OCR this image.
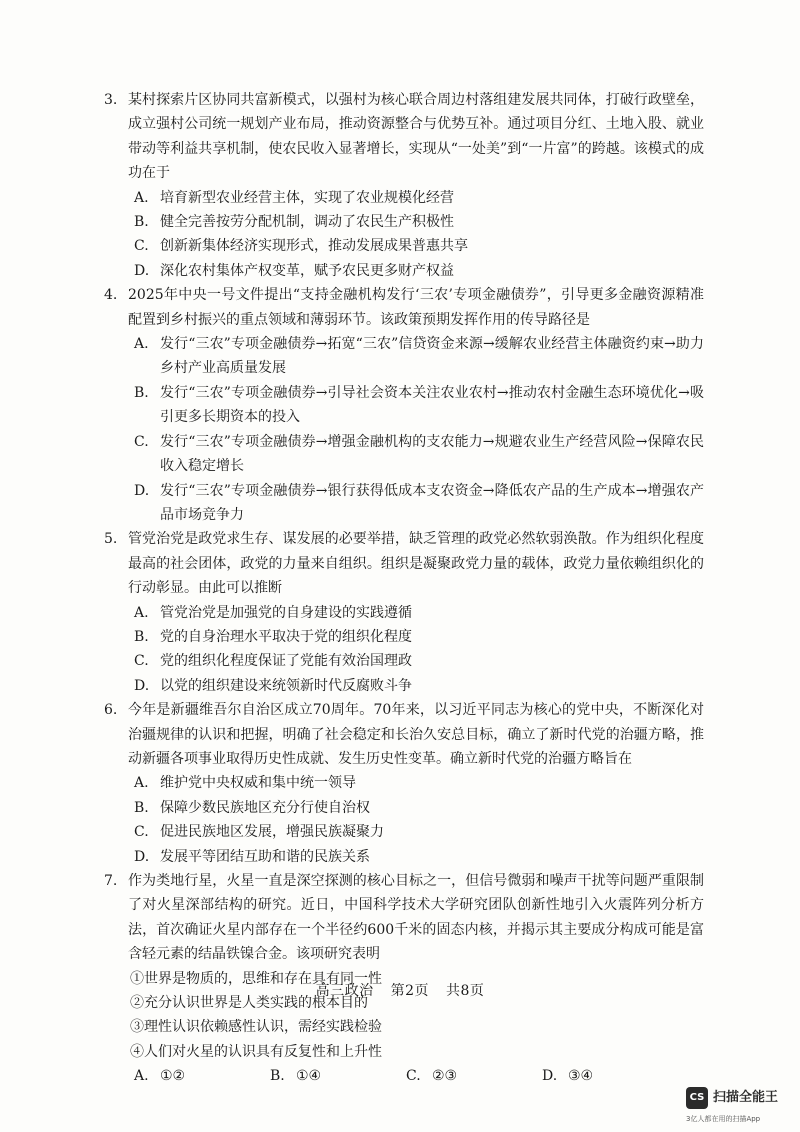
3. 某村探索片区协同共富新模式，以强村为核心联合周边村落组建发展共同体，打破行政壁垒，成立强村公司统一规划产业布局，推动资源整合与优势互补。通过项目分红、土地入股、就业带动等利益共享机制，使农民收入显著增长，实现从“一处美”到“一片富”的跨越。该模式的成功在于

A. 培育新型农业经营主体，实现了农业规模化经营
B. 健全完善按劳分配机制，调动了农民生产积极性
C. 创新新集体经济实现形式，推动发展成果普惠共享
D. 深化农村集体产权变革，赋予农民更多财产权益
4. 2025年中央一号文件提出“支持金融机构发行‘三农’专项金融债券”，引导更多金融资源精准配置到乡村振兴的重点领域和薄弱环节。该政策预期发挥作用的传导路径是

A. 发行“三农”专项金融债券→拓宽“三农”信贷资金来源→缓解农业经营主体融资约束→助力乡村产业高质量发展
B. 发行“三农”专项金融债券→引导社会资本关注农业农村→推动农村金融生态环境优化→吸引更多长期资本的投入
C. 发行“三农”专项金融债券→增强金融机构的支农能力→规避农业生产经营风险→保障农民收入稳定增长
D. 发行“三农”专项金融债券→银行获得低成本支农资金→降低农产品的生产成本→增强农产品市场竞争力
5. 管党治党是政党求生存、谋发展的必要举措，缺乏管理的政党必然软弱涣散。作为组织化程度最高的社会团体，政党的力量来自组织。组织是凝聚政党力量的载体，政党力量依赖组织化的行动彰显。由此可以推断

A. 管党治党是加强党的自身建设的实践遵循
B. 党的自身治理水平取决于党的组织化程度
C. 党的组织化程度保证了党能有效治国理政
D. 以党的组织建设来统领新时代反腐败斗争
6. 今年是新疆维吾尔自治区成立70周年。70年来，以习近平同志为核心的党中央，不断深化对治疆规律的认识和把握，明确了社会稳定和长治久安总目标，确立了新时代党的治疆方略，推动新疆各项事业取得历史性成就、发生历史性变革。确立新时代党的治疆方略旨在

A. 维护党中央权威和集中统一领导
B. 保障少数民族地区充分行使自治权
C. 促进民族地区发展，增强民族凝聚力
D. 发展平等团结互助和谐的民族关系
7. 作为类地行星，火星一直是深空探测的核心目标之一，但信号微弱和噪声干扰等问题严重限制了对火星深部结构的研究。近日，中国科学技术大学研究团队创新性地引入火震阵列分析方法，首次确证火星内部存在一个半径约600千米的固态内核，并揭示其主要成分构成可能是富含轻元素的结晶铁镍合金。该项研究表明

①世界是物质的，思维和存在具有同一性
②充分认识世界是人类实践的根本目的
③理性认识依赖感性认识，需经实践检验
④人们对火星的认识具有反复性和上升性
A. ①②	B. ①④	C. ②③	D. ③④
高三政治 第2页 共8页
CS 扫描全能王
3亿人都在用的扫描App
